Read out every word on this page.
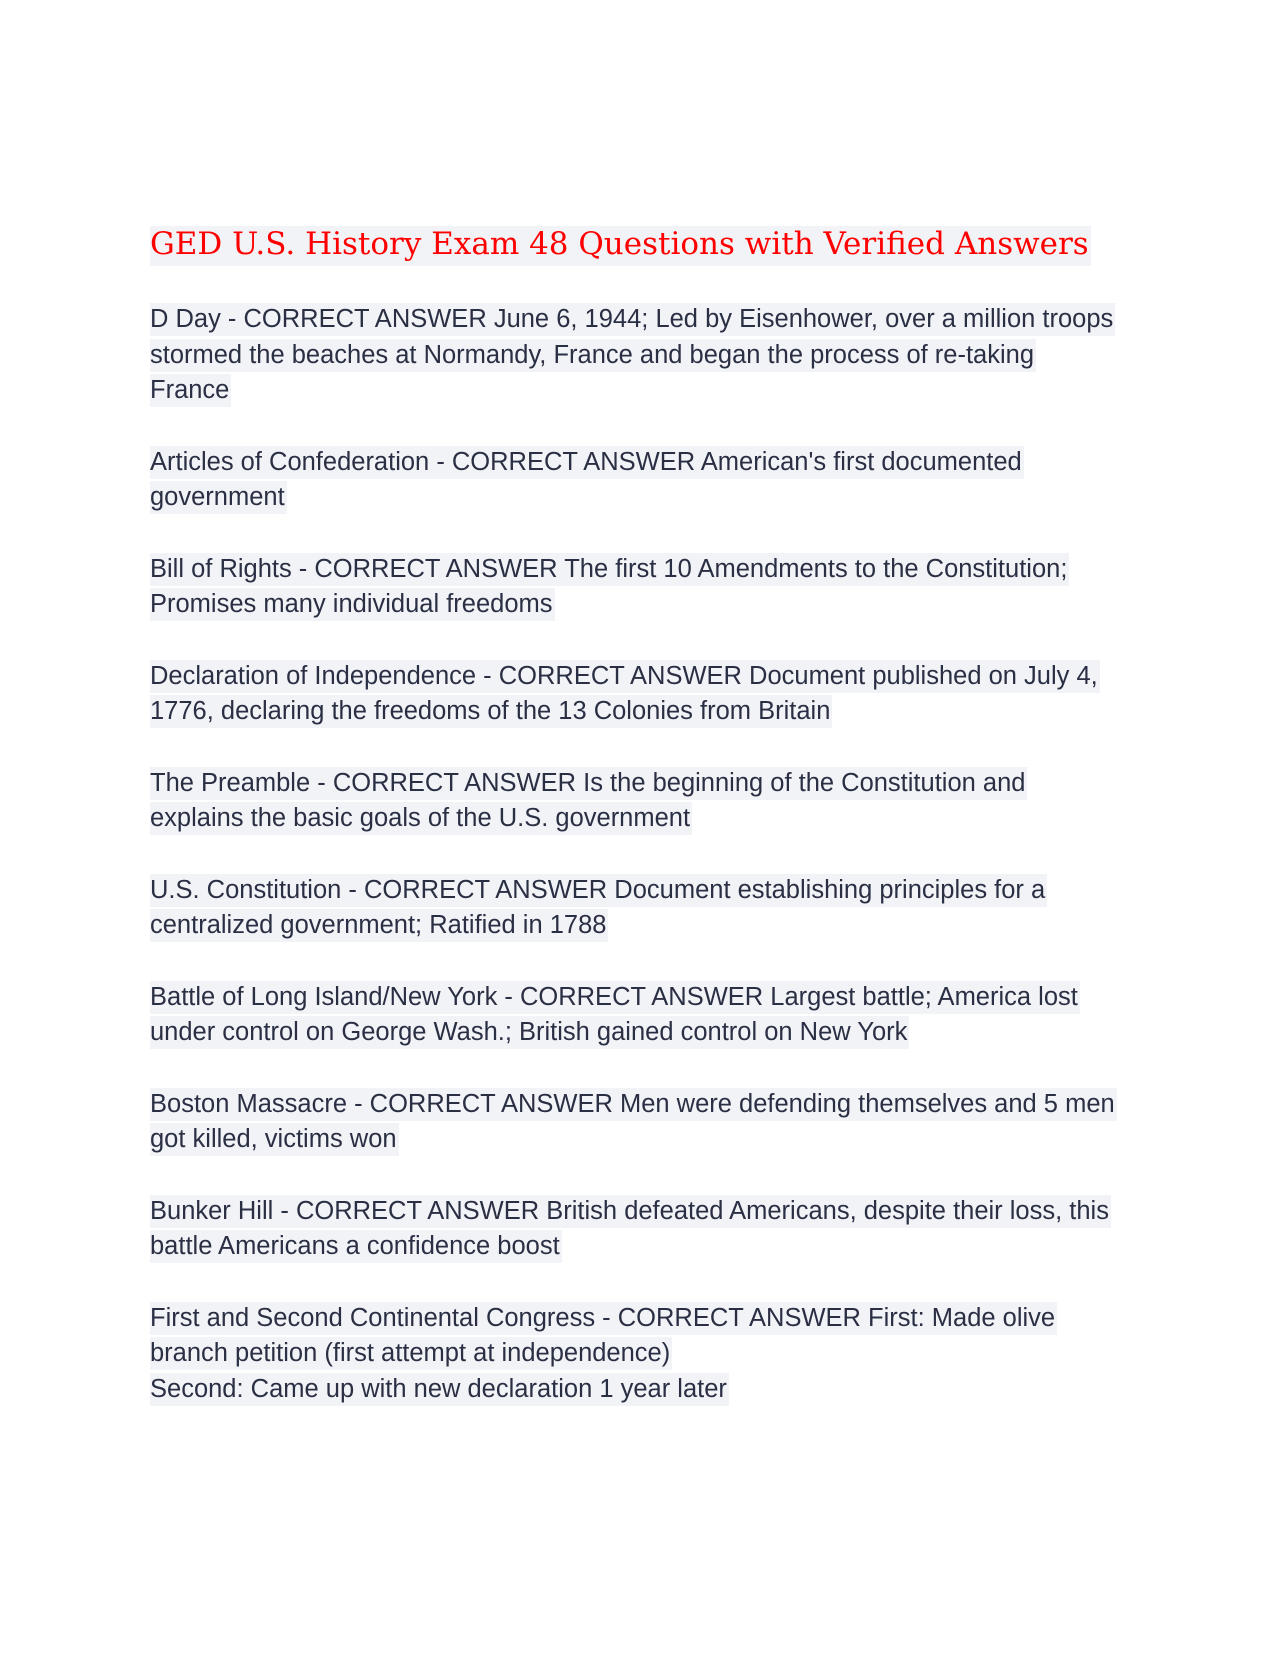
GED U.S. History Exam 48 Questions with Verified Answers

D Day - CORRECT ANSWER June 6, 1944; Led by Eisenhower, over a million troops
stormed the beaches at Normandy, France and began the process of re-taking
France

Articles of Confederation - CORRECT ANSWER American's first documented
government

Bill of Rights - CORRECT ANSWER The first 10 Amendments to the Constitution;
Promises many individual freedoms

Declaration of Independence - CORRECT ANSWER Document published on July 4,
1776, declaring the freedoms of the 13 Colonies from Britain

The Preamble - CORRECT ANSWER Is the beginning of the Constitution and
explains the basic goals of the U.S. government

U.S. Constitution - CORRECT ANSWER Document establishing principles for a
centralized government; Ratified in 1788

Battle of Long Island/New York - CORRECT ANSWER Largest battle; America lost
under control on George Wash.; British gained control on New York

Boston Massacre - CORRECT ANSWER Men were defending themselves and 5 men
got killed, victims won

Bunker Hill - CORRECT ANSWER British defeated Americans, despite their loss, this
battle Americans a confidence boost

First and Second Continental Congress - CORRECT ANSWER First: Made olive
branch petition (first attempt at independence)
Second: Came up with new declaration 1 year later
